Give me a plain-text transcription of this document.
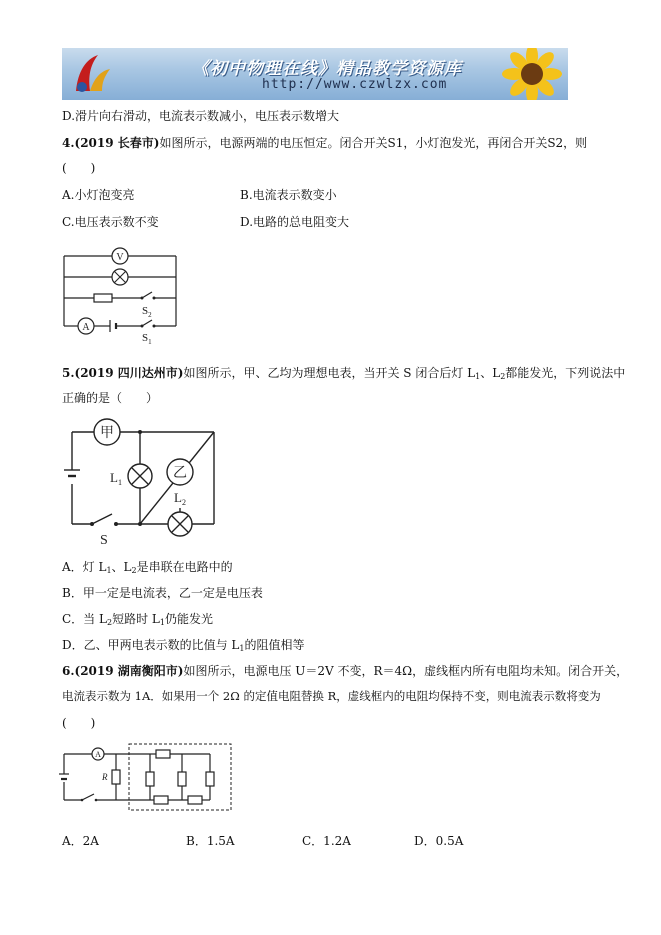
《初中物理在线》精品教学资源库
http://www.czwlzx.com
D.滑片向右滑动，电流表示数减小，电压表示数增大
4.(2019 长春市)如图所示，电源两端的电压恒定。闭合开关S1，小灯泡发光，再闭合开关S2，则
(　　)
A.小灯泡变亮	B.电流表示数变小
C.电压表示数不变	D.电路的总电阻变大
V
A
$S_2$
$S_1$
5.(2019 四川达州市)如图所示，甲、乙均为理想电表，当开关 S 闭合后灯 $L_1$、$L_2$都能发光，下列说法中
正确的是（　　）
甲
乙
$L_1$
$L_2$
S
A．灯 $L_1$、$L_2$是串联在电路中的
B．甲一定是电流表，乙一定是电压表
C．当 $L_2$短路时 $L_1$仍能发光
D．乙、甲两电表示数的比值与 $L_1$的阻值相等
6.(2019 湖南衡阳市)如图所示，电源电压 U＝2V 不变，R＝4Ω，虚线框内所有电阻均未知。闭合开关，
电流表示数为 1A．如果用一个 2Ω 的定值电阻替换 R，虚线框内的电阻均保持不变，则电流表示数将变为
(　　)
A
R
A．2A	B．1.5A	C．1.2A	D．0.5A
